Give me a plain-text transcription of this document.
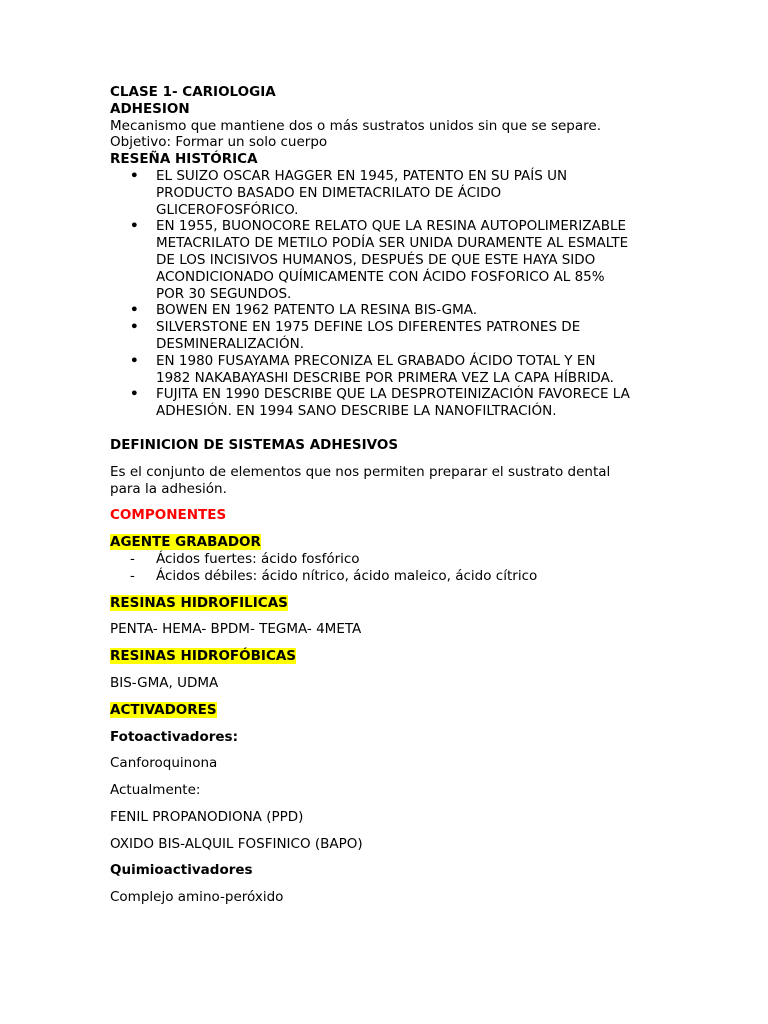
CLASE 1- CARIOLOGIA

ADHESION

Mecanismo que mantiene dos o más sustratos unidos sin que se separe.

Objetivo: Formar un solo cuerpo

RESEÑA HISTÓRICA

•	EL SUIZO OSCAR HAGGER EN 1945, PATENTO EN SU PAÍS UN
PRODUCTO BASADO EN DIMETACRILATO DE ÁCIDO
GLICEROFOSFÓRICO.
•	EN 1955, BUONOCORE RELATO QUE LA RESINA AUTOPOLIMERIZABLE
METACRILATO DE METILO PODÍA SER UNIDA DURAMENTE AL ESMALTE
DE LOS INCISIVOS HUMANOS, DESPUÉS DE QUE ESTE HAYA SIDO
ACONDICIONADO QUÍMICAMENTE CON ÁCIDO FOSFORICO AL 85%
POR 30 SEGUNDOS.
•	BOWEN EN 1962 PATENTO LA RESINA BIS-GMA.
•	SILVERSTONE EN 1975 DEFINE LOS DIFERENTES PATRONES DE
DESMINERALIZACIÓN.
•	EN 1980 FUSAYAMA PRECONIZA EL GRABADO ÁCIDO TOTAL Y EN
1982 NAKABAYASHI DESCRIBE POR PRIMERA VEZ LA CAPA HÍBRIDA.
•	FUJITA EN 1990 DESCRIBE QUE LA DESPROTEINIZACIÓN FAVORECE LA
ADHESIÓN. EN 1994 SANO DESCRIBE LA NANOFILTRACIÓN.

DEFINICION DE SISTEMAS ADHESIVOS

Es el conjunto de elementos que nos permiten preparar el sustrato dental

para la adhesión.

COMPONENTES

AGENTE GRABADOR

-	Ácidos fuertes: ácido fosfórico
-	Ácidos débiles: ácido nítrico, ácido maleico, ácido cítrico

RESINAS HIDROFILICAS

PENTA- HEMA- BPDM- TEGMA- 4META

RESINAS HIDROFÓBICAS

BIS-GMA, UDMA

ACTIVADORES

Fotoactivadores:

Canforoquinona

Actualmente:

FENIL PROPANODIONA (PPD)

OXIDO BIS-ALQUIL FOSFINICO (BAPO)

Quimioactivadores

Complejo amino-peróxido
